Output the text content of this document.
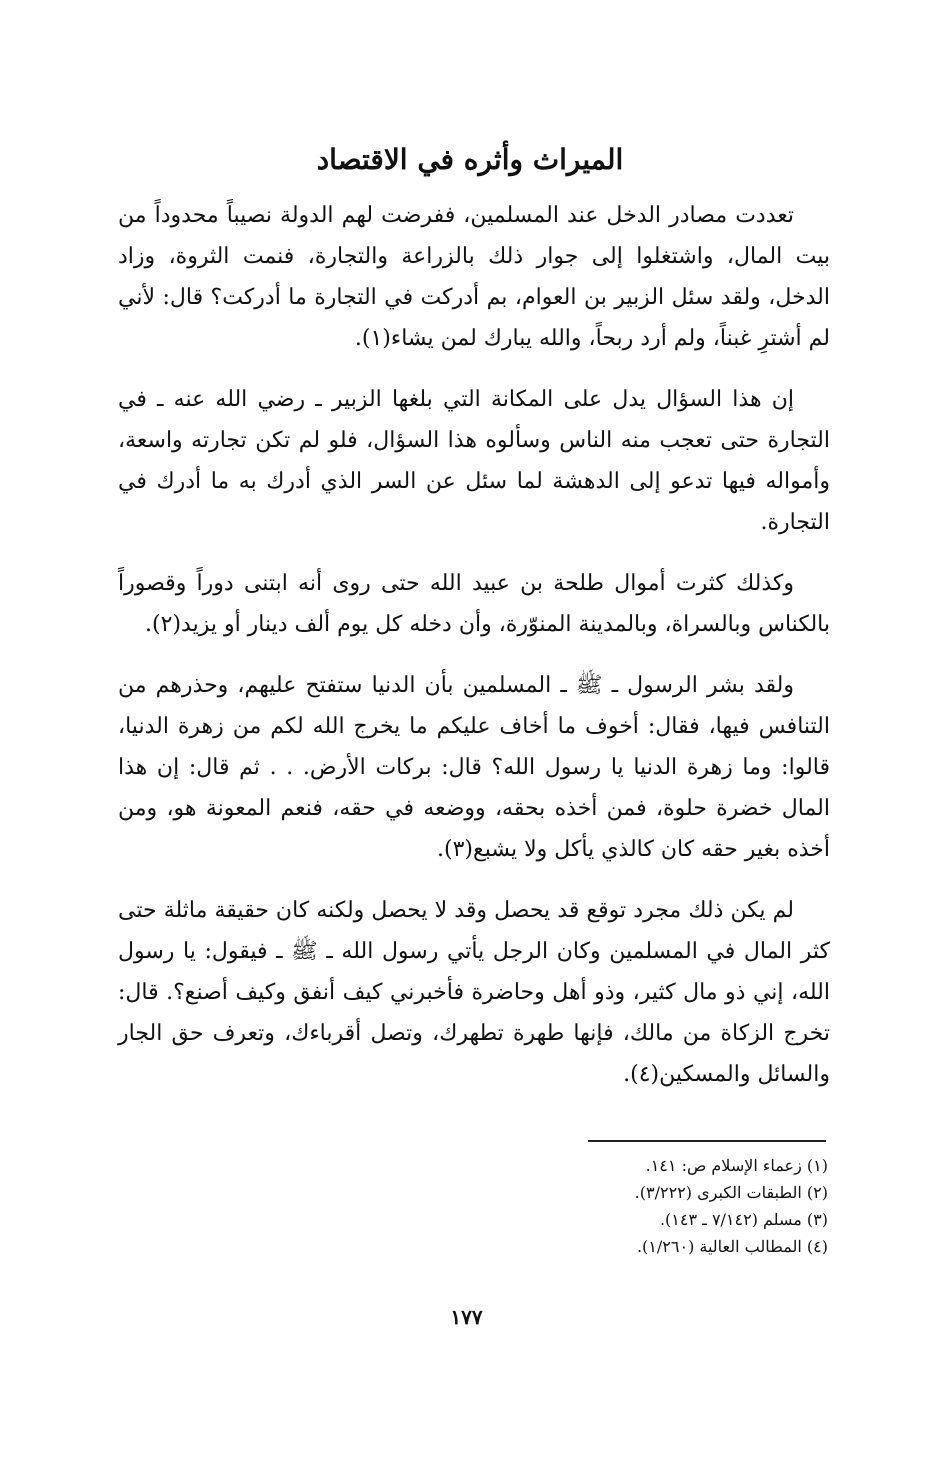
الميراث وأثره في الاقتصاد

تعددت مصادر الدخل عند المسلمين، ففرضت لهم الدولة نصيباً محدوداً من بيت المال، واشتغلوا إلى جوار ذلك بالزراعة والتجارة، فنمت الثروة، وزاد الدخل، ولقد سئل الزبير بن العوام، بم أدركت في التجارة ما أدركت؟ قال: لأني لم أشترِ غبناً، ولم أرد ربحاً، والله يبارك لمن يشاء(١).

إن هذا السؤال يدل على المكانة التي بلغها الزبير ـ رضي الله عنه ـ في التجارة حتى تعجب منه الناس وسألوه هذا السؤال، فلو لم تكن تجارته واسعة، وأمواله فيها تدعو إلى الدهشة لما سئل عن السر الذي أدرك به ما أدرك في التجارة.

وكذلك كثرت أموال طلحة بن عبيد الله حتى روى أنه ابتنى دوراً وقصوراً بالكناس وبالسراة، وبالمدينة المنوّرة، وأن دخله كل يوم ألف دينار أو يزيد(٢).

ولقد بشر الرسول ـ ﷺ ـ المسلمين بأن الدنيا ستفتح عليهم، وحذرهم من التنافس فيها، فقال: أخوف ما أخاف عليكم ما يخرج الله لكم من زهرة الدنيا، قالوا: وما زهرة الدنيا يا رسول الله؟ قال: بركات الأرض. . . ثم قال: إن هذا المال خضرة حلوة، فمن أخذه بحقه، ووضعه في حقه، فنعم المعونة هو، ومن أخذه بغير حقه كان كالذي يأكل ولا يشبع(٣).

لم يكن ذلك مجرد توقع قد يحصل وقد لا يحصل ولكنه كان حقيقة ماثلة حتى كثر المال في المسلمين وكان الرجل يأتي رسول الله ـ ﷺ ـ فيقول: يا رسول الله، إني ذو مال كثير، وذو أهل وحاضرة فأخبرني كيف أنفق وكيف أصنع؟. قال: تخرج الزكاة من مالك، فإنها طهرة تطهرك، وتصل أقرباءك، وتعرف حق الجار والسائل والمسكين(٤).

(١) زعماء الإسلام ص: ١٤١.
(٢) الطبقات الكبرى (٣/٢٢٢).
(٣) مسلم (٧/١٤٢ ـ ١٤٣).
(٤) المطالب العالية (١/٢٦٠).
١٧٧
